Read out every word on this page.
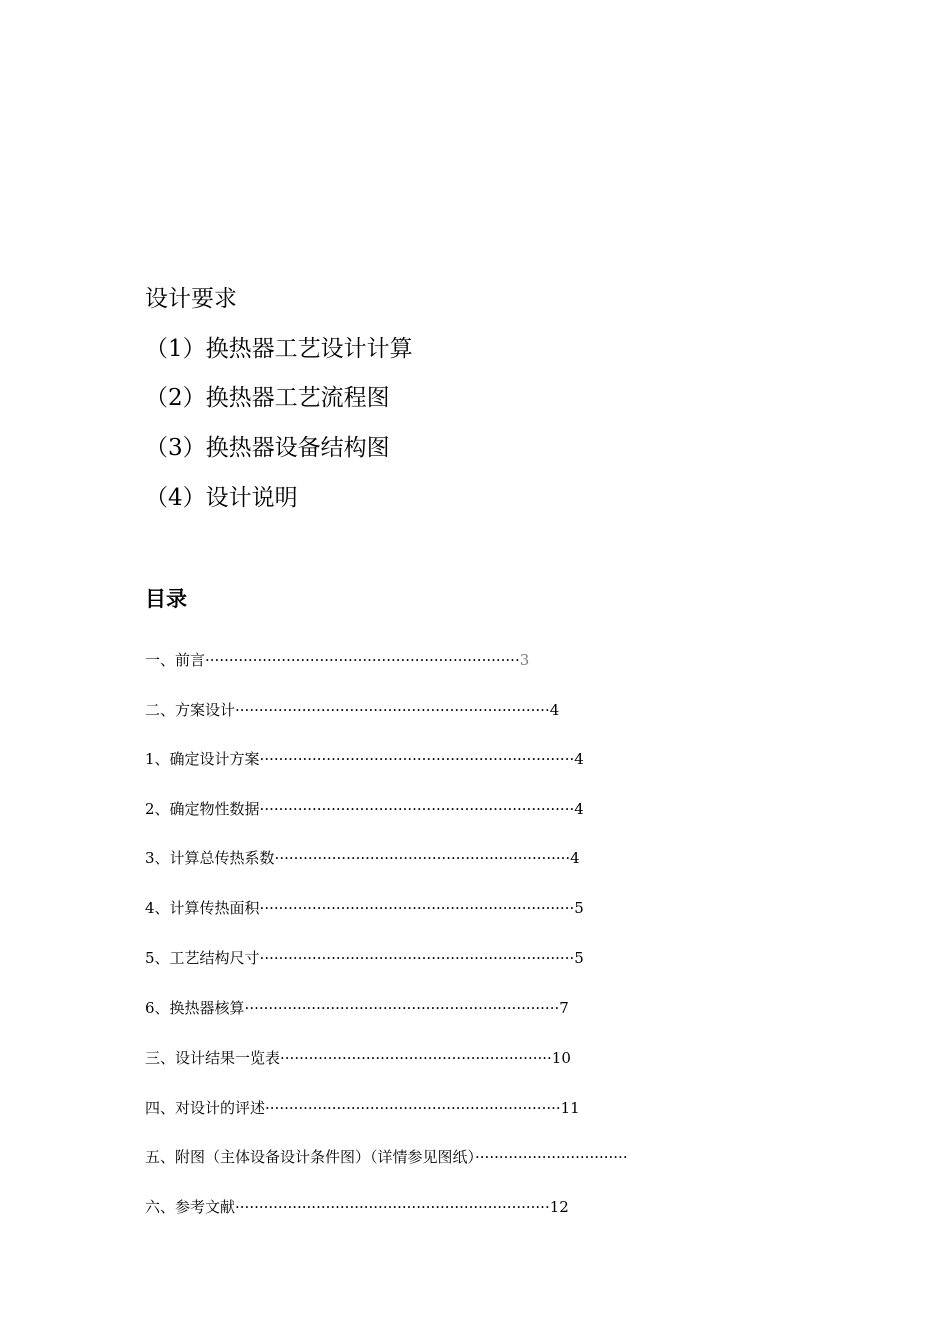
设计要求

（1）换热器工艺设计计算

（2）换热器工艺流程图

（3）换热器设备结构图

（4）设计说明

目录
一、前言··································································3
二、方案设计··································································4
1、确定设计方案··································································4
2、确定物性数据··································································4
3、计算总传热系数······························································4
4、计算传热面积··································································5
5、工艺结构尺寸··································································5
6、换热器核算··································································7
三、设计结果一览表·························································10
四、对设计的评述······························································11
五、附图（主体设备设计条件图）（详情参见图纸）································
六、参考文献··································································12
